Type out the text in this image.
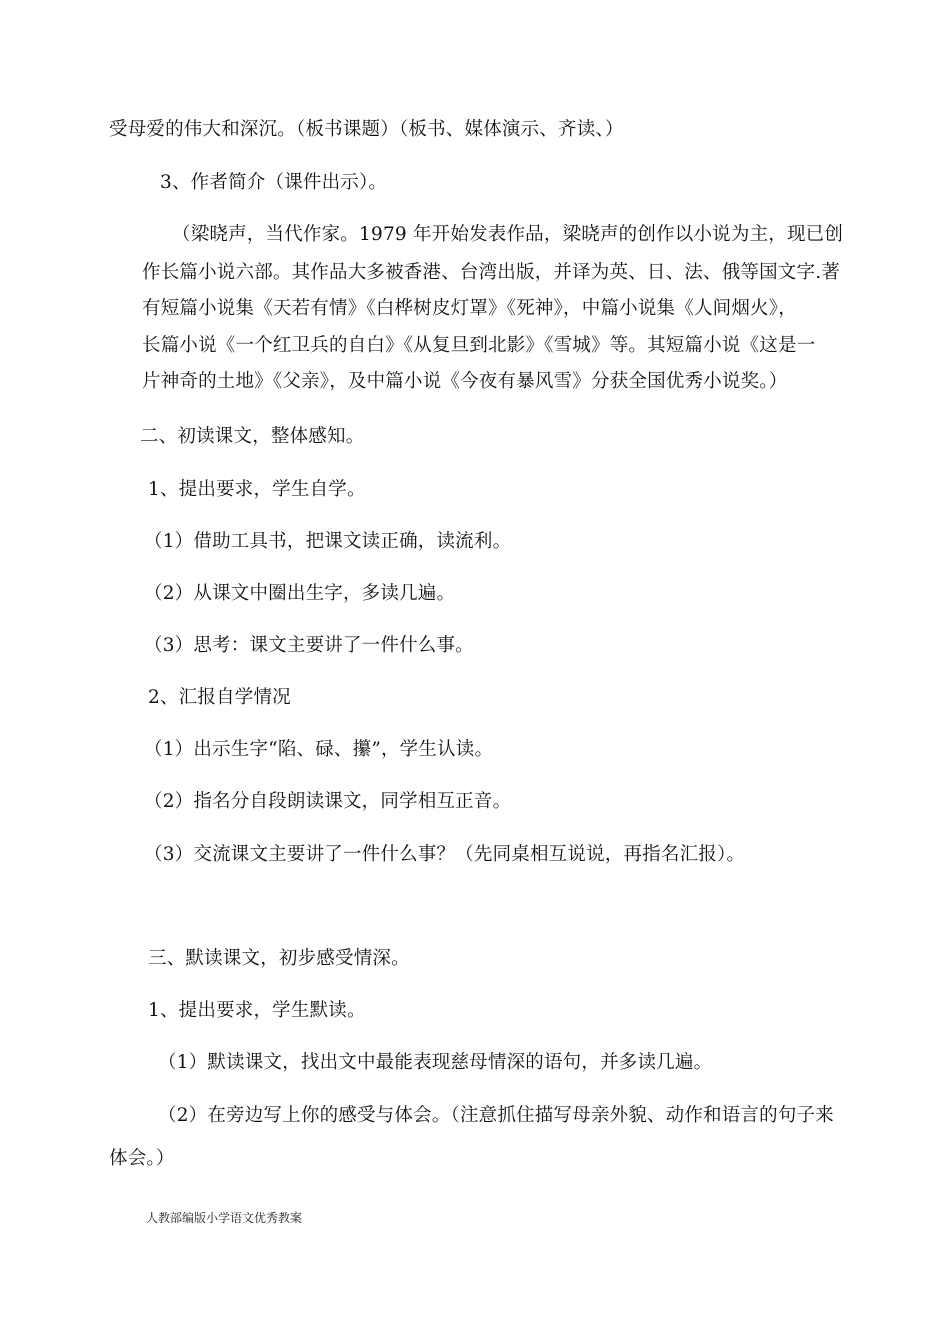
受母爱的伟大和深沉。（板书课题）（板书、媒体演示、齐读、）
3、作者简介（课件出示）。
（梁晓声，当代作家。1979 年开始发表作品，梁晓声的创作以小说为主，现已创
作长篇小说六部。其作品大多被香港、台湾出版，并译为英、日、法、俄等国文字.著
有短篇小说集《天若有情》《白桦树皮灯罩》《死神》，中篇小说集《人间烟火》，
长篇小说《一个红卫兵的自白》《从复旦到北影》《雪城》等。其短篇小说《这是一
片神奇的土地》《父亲》，及中篇小说《今夜有暴风雪》分获全国优秀小说奖。）
二、初读课文，整体感知。
1、提出要求，学生自学。
（1）借助工具书，把课文读正确，读流利。
（2）从课文中圈出生字，多读几遍。
（3）思考：课文主要讲了一件什么事。
2、汇报自学情况
（1）出示生字“陷、碌、攥”，学生认读。
（2）指名分自段朗读课文，同学相互正音。
（3）交流课文主要讲了一件什么事？（先同桌相互说说，再指名汇报）。
三、默读课文，初步感受情深。
1、提出要求，学生默读。
（1）默读课文，找出文中最能表现慈母情深的语句，并多读几遍。
（2）在旁边写上你的感受与体会。（注意抓住描写母亲外貌、动作和语言的句子来
体会。）
人教部编版小学语文优秀教案
